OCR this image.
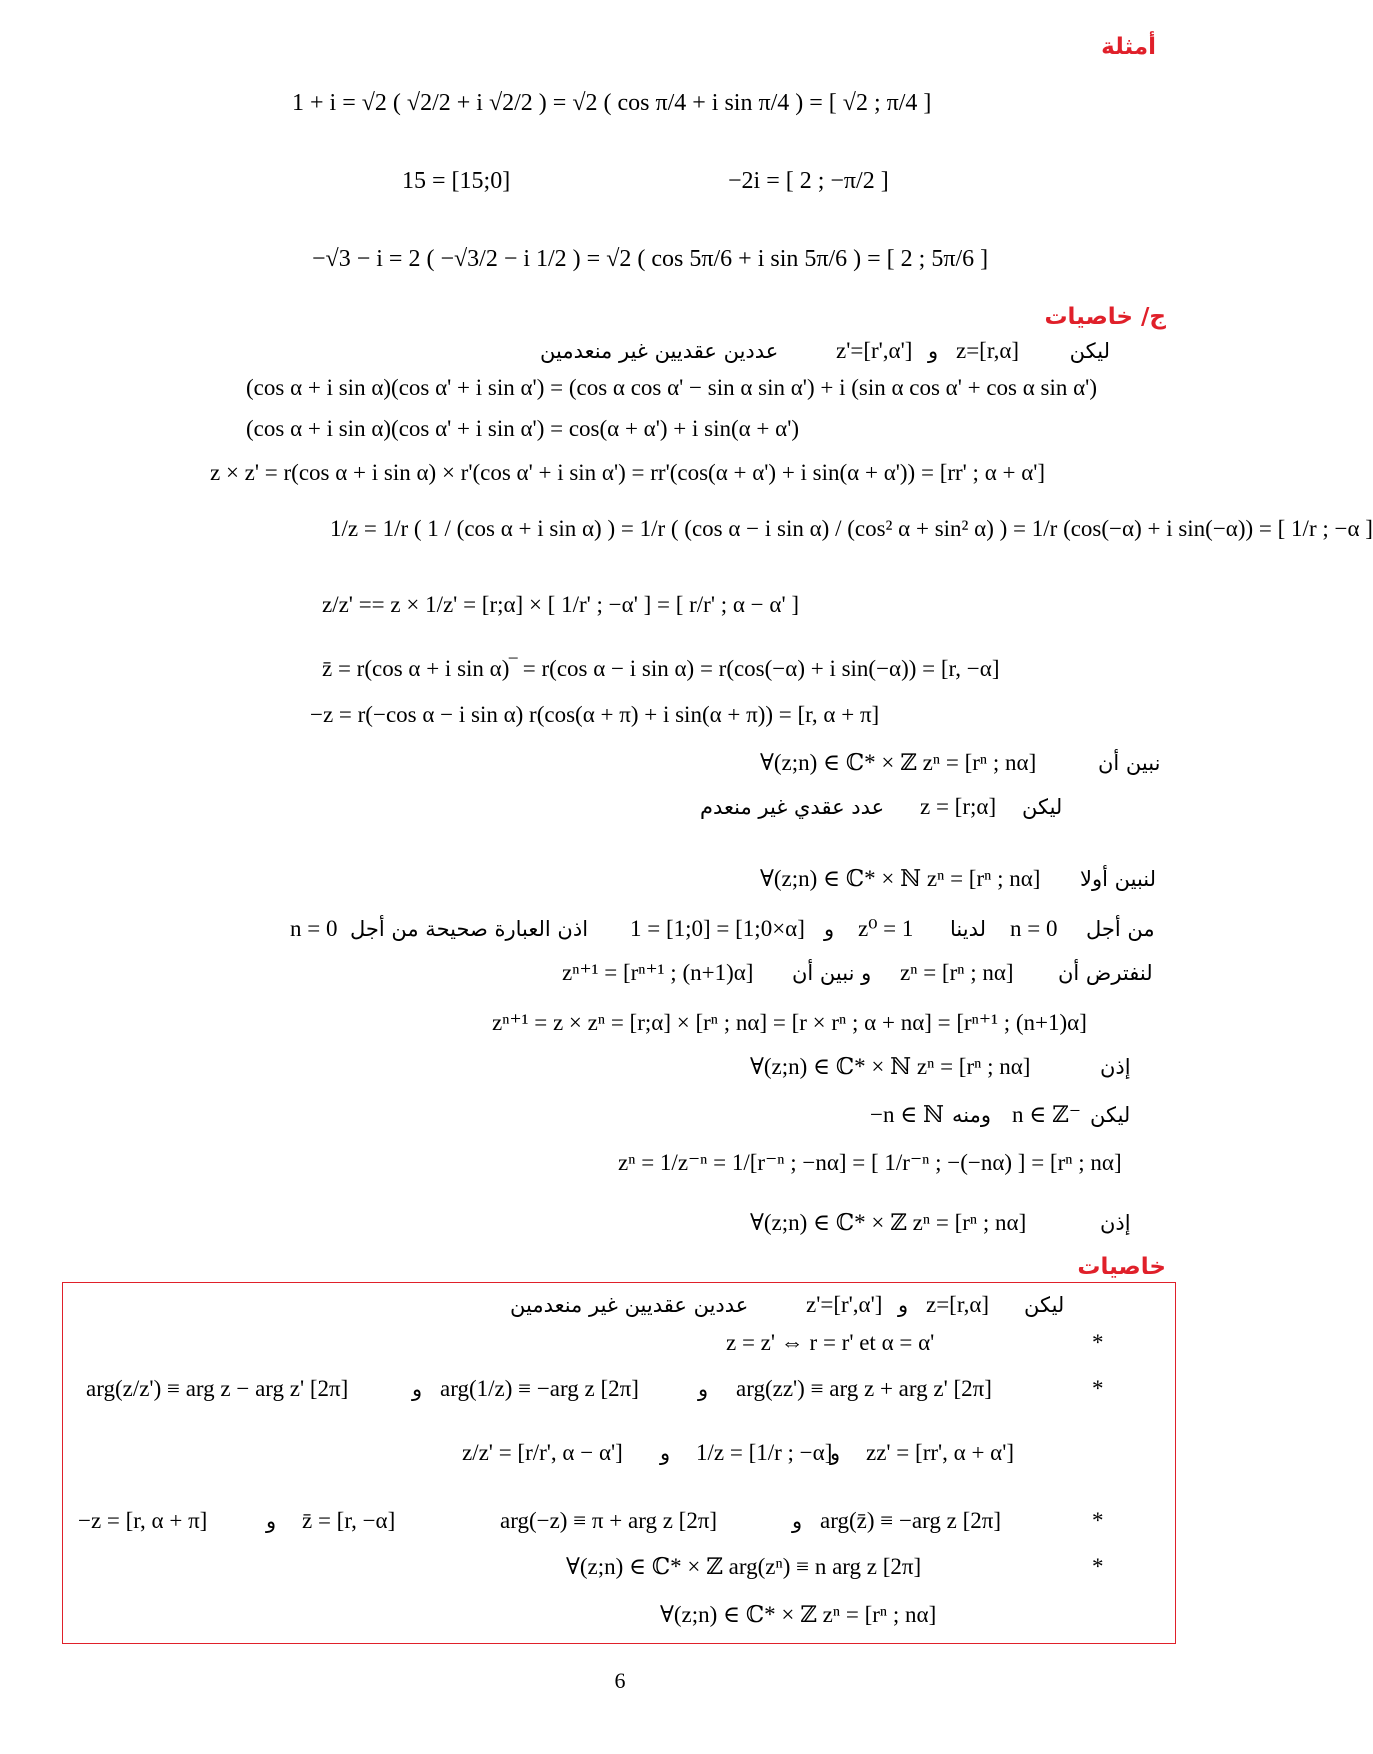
أمثلة
1 + i = √2 ( √2/2 + i √2/2 ) = √2 ( cos π/4 + i sin π/4 ) = [ √2 ; π/4 ]
15 = [15;0]	−2i = [ 2 ; −π/2 ]
−√3 − i = 2 ( −√3/2 − i 1/2 ) = √2 ( cos 5π/6 + i sin 5π/6 ) = [ 2 ; 5π/6 ]
ج/ خاصيات
ليكن
z=[r,α]
و
z'=[r',α']
عددين عقديين غير منعدمين
(cos α + i sin α)(cos α' + i sin α') = (cos α cos α' − sin α sin α') + i (sin α cos α' + cos α sin α')
(cos α + i sin α)(cos α' + i sin α') = cos(α + α') + i sin(α + α')
z × z' = r(cos α + i sin α) × r'(cos α' + i sin α') = rr'(cos(α + α') + i sin(α + α')) = [rr' ; α + α']
1/z = 1/r ( 1 / (cos α + i sin α) ) = 1/r ( (cos α − i sin α) / (cos² α + sin² α) ) = 1/r (cos(−α) + i sin(−α)) = [ 1/r ; −α ]
z/z' == z × 1/z' = [r;α] × [ 1/r' ; −α' ] = [ r/r' ; α − α' ]
z̄ = r(cos α + i sin α)‾ = r(cos α − i sin α) = r(cos(−α) + i sin(−α)) = [r, −α]
−z = r(−cos α − i sin α) r(cos(α + π) + i sin(α + π)) = [r, α + π]
نبين أن
∀(z;n) ∈ ℂ* × ℤ zⁿ = [rⁿ ; nα]
ليكن
z = [r;α]
عدد عقدي غير منعدم
لنبين أولا
∀(z;n) ∈ ℂ* × ℕ zⁿ = [rⁿ ; nα]
من أجل
n = 0
لدينا
z⁰ = 1
و
1 = [1;0] = [1;0×α]
اذن العبارة صحيحة من أجل
n = 0
لنفترض أن
zⁿ = [rⁿ ; nα]
و نبين أن
zⁿ⁺¹ = [rⁿ⁺¹ ; (n+1)α]
zⁿ⁺¹ = z × zⁿ = [r;α] × [rⁿ ; nα] = [r × rⁿ ; α + nα] = [rⁿ⁺¹ ; (n+1)α]
إذن
∀(z;n) ∈ ℂ* × ℕ zⁿ = [rⁿ ; nα]
ليكن
n ∈ ℤ⁻
ومنه
−n ∈ ℕ
zⁿ = 1/z⁻ⁿ = 1/[r⁻ⁿ ; −nα] = [ 1/r⁻ⁿ ; −(−nα) ] = [rⁿ ; nα]
إذن
∀(z;n) ∈ ℂ* × ℤ zⁿ = [rⁿ ; nα]
خاصيات
ليكن
z=[r,α]
و
z'=[r',α']
عددين عقديين غير منعدمين
*
z = z' ⇔ r = r' et α = α'
*
arg(zz') ≡ arg z + arg z' [2π]
و
arg(1/z) ≡ −arg z [2π]
و
arg(z/z') ≡ arg z − arg z' [2π]
zz' = [rr', α + α']
و
1/z = [1/r ; −α]
و
z/z' = [r/r', α − α']
*
arg(z̄) ≡ −arg z [2π]
و
arg(−z) ≡ π + arg z [2π]
z̄ = [r, −α]
و
−z = [r, α + π]
*
∀(z;n) ∈ ℂ* × ℤ arg(zⁿ) ≡ n arg z [2π]
∀(z;n) ∈ ℂ* × ℤ zⁿ = [rⁿ ; nα]
6
